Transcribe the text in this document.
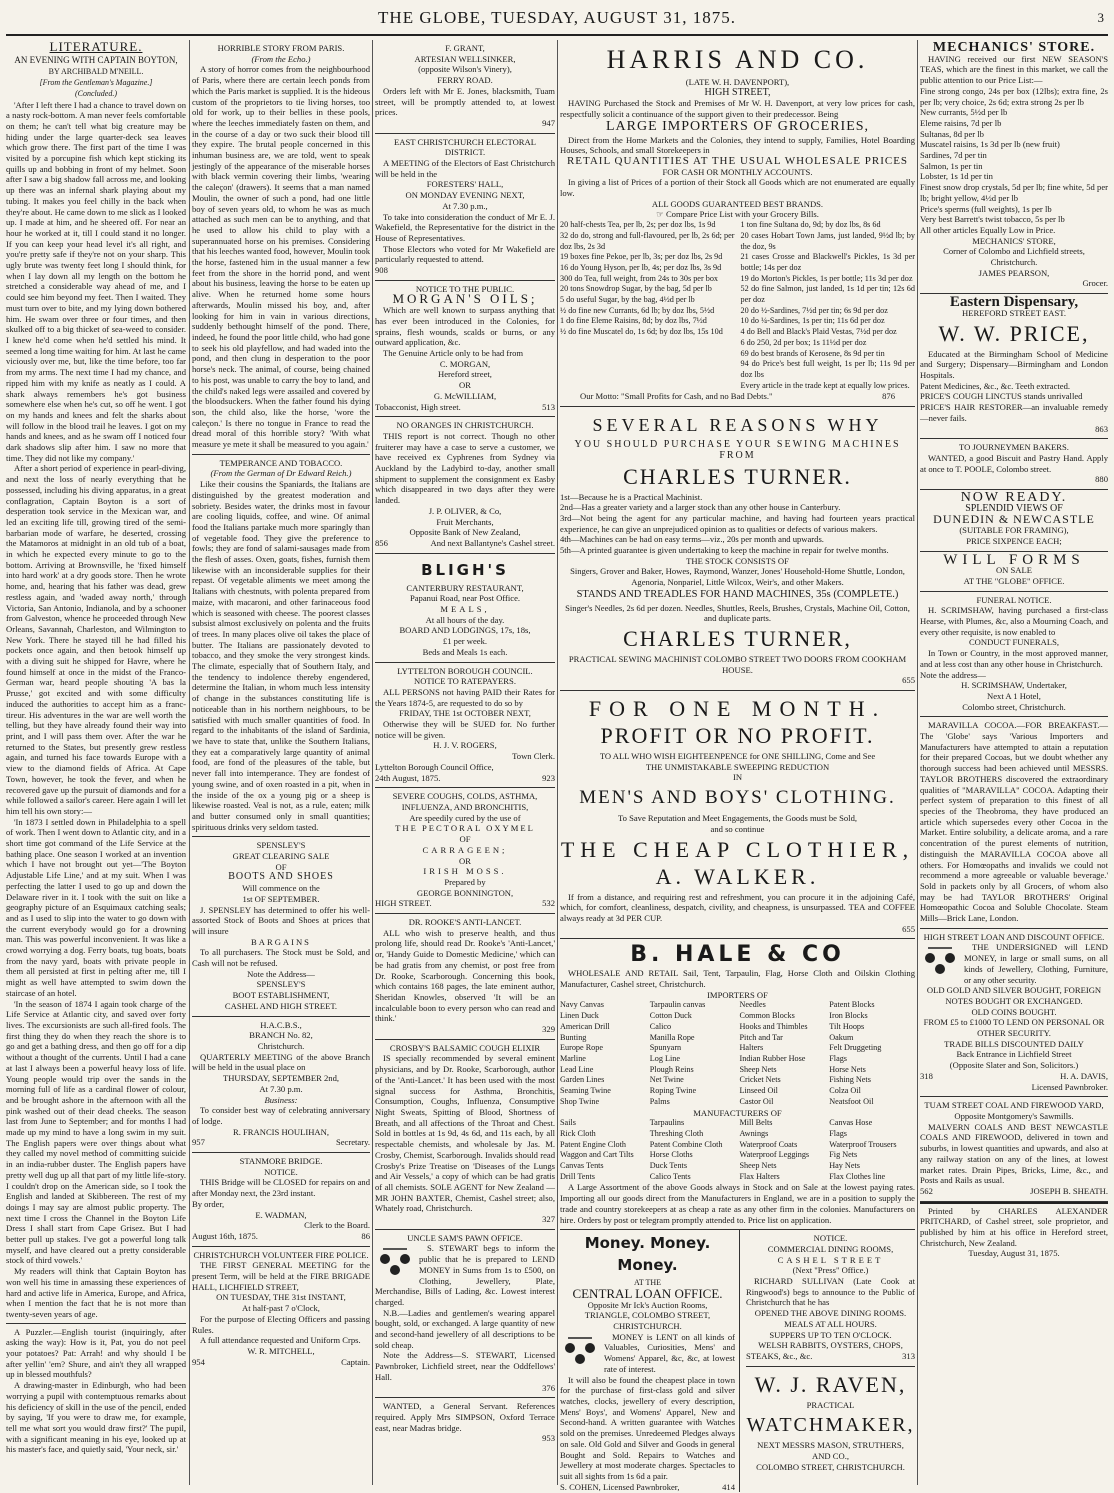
THE GLOBE, TUESDAY, AUGUST 31, 1875.	3
LITERATURE.
AN EVENING WITH CAPTAIN BOYTON,
BY ARCHIBALD M'NEILL.
[From the Gentleman's Magazine.]
(Concluded.)

'After I left there I had a chance to travel down on a nasty rock-bottom. A man never feels comfortable on them; he can't tell what big creature may be hiding under the large quarter-deck sea leaves which grow there. The first part of the time I was visited by a porcupine fish which kept sticking its quills up and bobbing in front of my helmet. Soon after I saw a big shadow fall across me, and looking up there was an infernal shark playing about my tubing. It makes you feel chilly in the back when they're about. He came down to me slick as I looked up. I made at him, and he sheered off. For near an hour he worked at it, till I could stand it no longer. If you can keep your head level it's all right, and you're pretty safe if they're not on your sharp. This ugly brute was twenty feet long I should think, for when I lay down all my length on the bottom he stretched a considerable way ahead of me, and I could see him beyond my feet. Then I waited. They must turn over to bite, and my lying down bothered him. He swam over three or four times, and then skulked off to a big thicket of sea-weed to consider. I knew he'd come when he'd settled his mind. It seemed a long time waiting for him. At last he came viciously over me, but, like the time before, too far from my arms. The next time I had my chance, and ripped him with my knife as neatly as I could. A shark always remembers he's got business somewhere else when he's cut, so off he went. I got on my hands and knees and felt the sharks about will follow in the blood trail he leaves. I got on my hands and knees, and as he swam off I noticed four dark shadows slip after him. I saw no more that time. They did not like my company.'

After a short period of experience in pearl-diving, and next the loss of nearly everything that he possessed, including his diving apparatus, in a great conflagration, Captain Boyton is a sort of desperation took service in the Mexican war, and led an exciting life till, growing tired of the semi-barbarian mode of warfare, he deserted, crossing the Matamoros at midnight in an old tub of a boat, in which he expected every minute to go to the bottom. Arriving at Brownsville, he 'fixed himself into hard work' at a dry goods store. Then he wrote home, and, hearing that his father was dead, grew restless again, and 'waded away north,' through Victoria, San Antonio, Indianola, and by a schooner from Galveston, whence he proceeded through New Orleans, Savannah, Charleston, and Wilmington to New York. There he stayed till he had filled his pockets once again, and then betook himself up with a diving suit he shipped for Havre, where he found himself at once in the midst of the Franco-German war, heard people shouting 'A bas la Prusse,' got excited and with some difficulty induced the authorities to accept him as a franc-tireur. His adventures in the war are well worth the telling, but they have already found their way into print, and I will pass them over. After the war he returned to the States, but presently grew restless again, and turned his face towards Europe with a view to the diamond fields of Africa. At Cape Town, however, he took the fever, and when he recovered gave up the pursuit of diamonds and for a while followed a sailor's career. Here again I will let him tell his own story:—

'In 1873 I settled down in Philadelphia to a spell of work. Then I went down to Atlantic city, and in a short time got command of the Life Service at the bathing place. One season I worked at an invention which I have not brought out yet—'The Boyton Adjustable Life Line,' and at my suit. When I was perfecting the latter I used to go up and down the Delaware river in it. I took with the suit on like a geography picture of an Esquimaux catching seals; and as I used to slip into the water to go down with the current everybody would go for a drowning man. This was powerful inconvenient. It was like a crowd worrying a dog. Ferry boats, tug boats, boats from the navy yard, boats with private people in them all persisted at first in pelting after me, till I might as well have attempted to swim down the staircase of an hotel.

'In the season of 1874 I again took charge of the Life Service at Atlantic city, and saved over forty lives. The excursionists are such all-fired fools. The first thing they do when they reach the shore is to go and get a bathing dress, and then go off for a dip without a thought of the currents. Until I had a cane at last I always been a powerful heavy loss of life. Young people would trip over the sands in the morning full of life as a cardinal flower of colour, and be brought ashore in the afternoon with all the pink washed out of their dead cheeks. The season last from June to September; and for months I had made up my mind to have a long swim in my suit. The English papers were over things about what they called my novel method of committing suicide in an india-rubber duster. The English papers have pretty well dug up all that part of my little life-story. I couldn't drop on the American side, so I took the English and landed at Skibbereen. The rest of my doings I may say are almost public property. The next time I cross the Channel in the Boyton Life Dress I shall start from Cape Grisez. But I had better pull up stakes. I've got a powerful long talk myself, and have cleared out a pretty considerable stock of third vowels.'

My readers will think that Captain Boyton has won well his time in amassing these experiences of hard and active life in America, Europe, and Africa, when I mention the fact that he is not more than twenty-seven years of age.

A Puzzler.—English tourist (inquiringly, after asking the way): How is it, Pat, you do not peel your potatoes? Pat: Arrah! and why should I be after yellin' 'em? Shure, and ain't they all wrapped up in blessed mouthfuls?

A drawing-master in Edinburgh, who had been worrying a pupil with contemptuous remarks about his deficiency of skill in the use of the pencil, ended by saying, 'If you were to draw me, for example, tell me what sort you would draw first?' The pupil, with a significant meaning in his eye, looked up at his master's face, and quietly said, 'Your neck, sir.'

HORRIBLE STORY FROM PARIS.
(From the Echo.)

A story of horror comes from the neighbourhood of Paris, where there are certain leech ponds from which the Paris market is supplied. It is the hideous custom of the proprietors to tie living horses, too old for work, up to their bellies in these pools, where the leeches immediately fasten on them, and in the course of a day or two suck their blood till they expire. The brutal people concerned in this inhuman business are, we are told, went to speak jestingly of the appearance of the miserable horses with black vermin covering their limbs, 'wearing the caleçon' (drawers). It seems that a man named Moulin, the owner of such a pond, had one little boy of seven years old, to whom he was as much attached as such men can be to anything, and that he used to allow his child to play with a superannuated horse on his premises. Considering that his leeches wanted food, however, Moulin took the horse, fastened him in the usual manner a few feet from the shore in the horrid pond, and went about his business, leaving the horse to be eaten up alive. When he returned home some hours afterwards, Moulin missed his boy, and, after looking for him in vain in various directions, suddenly bethought himself of the pond. There, indeed, he found the poor little child, who had gone to seek his old playfellow, and had waded into the pond, and then clung in desperation to the poor horse's neck. The animal, of course, being chained to his post, was unable to carry the boy to land, and the child's naked legs were assailed and covered by the bloodsuckers. When the father found his dying son, the child also, like the horse, 'wore the caleçon.' Is there no tongue in France to read the dread moral of this horrible story? 'With what measure ye mete it shall be measured to you again.'

TEMPERANCE AND TOBACCO.
(From the German of Dr Edward Reich.)

Like their cousins the Spaniards, the Italians are distinguished by the greatest moderation and sobriety. Besides water, the drinks most in favour are cooling liquids, coffee, and wine. Of animal food the Italians partake much more sparingly than of vegetable food. They give the preference to fowls; they are fond of salami-sausages made from the flesh of asses. Oxen, goats, fishes, furnish them likewise with an inconsiderable supplies for their repast. Of vegetable aliments we meet among the Italians with chestnuts, with polenta prepared from maize, with macaroni, and other farinaceous food which is seasoned with cheese. The poorest classes subsist almost exclusively on polenta and the fruits of trees. In many places olive oil takes the place of butter. The Italians are passionately devoted to tobacco, and they smoke the very strongest kinds. The climate, especially that of Southern Italy, and the tendency to indolence thereby engendered, determine the Italian, in whom much less intensity of change in the substances constituting life is noticeable than in his northern neighbours, to be satisfied with much smaller quantities of food. In regard to the inhabitants of the island of Sardinia, we have to state that, unlike the Southern Italians, they eat a comparatively large quantity of animal food, are fond of the pleasures of the table, but never fall into intemperance. They are fondest of young swine, and of oxen roasted in a pit, when in the inside of the ox a young pig or a sheep is likewise roasted. Veal is not, as a rule, eaten; milk and butter consumed only in small quantities; spirituous drinks very seldom tasted.

SPENSLEY'S
GREAT CLEARING SALE
OF
BOOTS AND SHOES
Will commence on the
1st OF SEPTEMBER.

J. SPENSLEY has determined to offer his well-assorted Stock of Boots and Shoes at prices that will insure

BARGAINS

To all purchasers. The Stock must be Sold, and Cash will not be refused.

Note the Address—
SPENSLEY'S
BOOT ESTABLISHMENT,
CASHEL AND HIGH STREET.
H.A.C.B.S.,
BRANCH No. 82,
Christchurch.

QUARTERLY MEETING of the above Branch will be held in the usual place on

THURSDAY, SEPTEMBER 2nd,
At 7.30 p.m.
Business:

To consider best way of celebrating anniversary of lodge.

R. FRANCIS HOULIHAN,
957	Secretary.
STANMORE BRIDGE.
NOTICE.

THIS Bridge will be CLOSED for repairs on and after Monday next, the 23rd instant.

By order,
E. WADMAN,
Clerk to the Board.
August 16th, 1875.	86
CHRISTCHURCH VOLUNTEER FIRE POLICE.

THE FIRST GENERAL MEETING for the present Term, will be held at the FIRE BRIGADE HALL, LICHFIELD STREET,

ON TUESDAY, THE 31st INSTANT,
At half-past 7 o'Clock,

For the purpose of Electing Officers and passing Rules.

A full attendance requested and Uniform Crps.

W. R. MITCHELL,
954	Captain.
F. GRANT,
ARTESIAN WELLSINKER,
(opposite Wilson's Vinery),
FERRY ROAD.

Orders left with Mr E. Jones, blacksmith, Tuam street, will be promptly attended to, at lowest prices.

947
EAST CHRISTCHURCH ELECTORAL DISTRICT.

A MEETING of the Electors of East Christchurch will be held in the

FORESTERS' HALL,
ON MONDAY EVENING NEXT,
At 7.30 p.m.,

To take into consideration the conduct of Mr E. J. Wakefield, the Representative for the district in the House of Representatives.

Those Electors who voted for Mr Wakefield are particularly requested to attend.

908
NOTICE TO THE PUBLIC.
MORGAN'S OILS;

Which are well known to surpass anything that has ever been introduced in the Colonies, for sprains, flesh wounds, scalds or burns, or any outward application, &c.

The Genuine Article only to be had from

C. MORGAN,
Hereford street,
OR
G. McWILLIAM,
Tobacconist, High street.	513
NO ORANGES IN CHRISTCHURCH.

THIS report is not correct. Though no other fruiterer may have a case to serve a customer, we have received ex Cyphrenes from Sydney via Auckland by the Ladybird to-day, another small shipment to supplement the consignment ex Easby which disappeared in two days after they were landed.

J. P. OLIVER, & Co,
Fruit Merchants,
Opposite Bank of New Zealand,
856	And next Ballantyne's Cashel street.
BLIGH'S
CANTERBURY RESTAURANT,
Papanui Road, near Post Office.
MEALS,
At all hours of the day.
BOARD AND LODGINGS, 17s, 18s,
£1 per week.
Beds and Meals 1s each.
LYTTELTON BOROUGH COUNCIL.
NOTICE TO RATEPAYERS.

ALL PERSONS not having PAID their Rates for the Years 1874-5, are requested to do so by

FRIDAY, THE 1st OCTOBER NEXT,

Otherwise they will be SUED for. No further notice will be given.

H. J. V. ROGERS,
Town Clerk.
Lyttelton Borough Council Office,
24th August, 1875.	923
SEVERE COUGHS, COLDS, ASTHMA, INFLUENZA, AND BRONCHITIS,
Are speedily cured by the use of
THE PECTORAL OXYMEL
OF
CARRAGEEN;
OR
IRISH MOSS.
Prepared by
GEORGE BONNINGTON,
HIGH STREET.	532
DR. ROOKE'S ANTI-LANCET.

ALL who wish to preserve health, and thus prolong life, should read Dr. Rooke's 'Anti-Lancet,' or, 'Handy Guide to Domestic Medicine,' which can be had gratis from any chemist, or post free from Dr. Rooke, Scarborough. Concerning this book, which contains 168 pages, the late eminent author, Sheridan Knowles, observed 'It will be an incalculable boon to every person who can read and think.'

329
CROSBY'S BALSAMIC COUGH ELIXIR

IS specially recommended by several eminent physicians, and by Dr. Rooke, Scarborough, author of the 'Anti-Lancet.' It has been used with the most signal success for Asthma, Bronchitis, Consumption, Coughs, Influenza, Consumptive Night Sweats, Spitting of Blood, Shortness of Breath, and all affections of the Throat and Chest. Sold in bottles at 1s 9d, 4s 6d, and 11s each, by all respectable chemists, and wholesale by Jas. M. Crosby, Chemist, Scarborough. Invalids should read Crosby's Prize Treatise on 'Diseases of the Lungs and Air Vessels,' a copy of which can be had gratis of all chemists. SOLE AGENT for New Zealand — MR JOHN BAXTER, Chemist, Cashel street; also, Whately road, Christchurch.

327
UNCLE SAM'S PAWN OFFICE.

S. STEWART begs to inform the public that he is prepared to LEND MONEY in Sums from 1s to £500, on Clothing, Jewellery, Plate, Merchandise, Bills of Lading, &c. Lowest interest charged.

N.B.—Ladies and gentlemen's wearing apparel bought, sold, or exchanged. A large quantity of new and second-hand jewellery of all descriptions to be sold cheap.

Note the Address—S. STEWART, Licensed Pawnbroker, Lichfield street, near the Oddfellows' Hall.

376

WANTED, a General Servant. References required. Apply Mrs SIMPSON, Oxford Terrace east, near Madras bridge.

953
HARRIS AND CO.
(LATE W. H. DAVENPORT),
HIGH STREET,

HAVING Purchased the Stock and Premises of Mr W. H. Davenport, at very low prices for cash, respectfully solicit a continuance of the support given to their predecessor. Being

LARGE IMPORTERS OF GROCERIES,

Direct from the Home Markets and the Colonies, they intend to supply, Families, Hotel Boarding Houses, Schools, and small Storekeepers in

RETAIL QUANTITIES AT THE USUAL WHOLESALE PRICES
FOR CASH OR MONTHLY ACCOUNTS.

In giving a list of Prices of a portion of their Stock all Goods which are not enumerated are equally low.

ALL GOODS GUARANTEED BEST BRANDS.
☞ Compare Price List with your Grocery Bills.
20 half-chests Tea, per lb, 2s; per doz lbs, 1s 9d
32 do do, strong and full-flavoured, per lb, 2s 6d; per doz lbs, 2s 3d
19 boxes fine Pekoe, per lb, 3s; per doz lbs, 2s 9d
16 do Young Hyson, per lb, 4s; per doz lbs, 3s 9d
300 do Tea, full weight, from 24s to 30s per box
20 tons Snowdrop Sugar, by the bag, 5d per lb
5 do useful Sugar, by the bag, 4½d per lb
½ do fine new Currants, 6d lb; by doz lbs, 5½d
1 do fine Eleme Raisins, 8d; by doz lbs, 7½d
½ do fine Muscatel do, 1s 6d; by doz lbs, 15s 10d
1 ton fine Sultana do, 9d; by doz lbs, 8s 6d
20 cases Hobart Town Jams, just landed, 9½d lb; by the doz, 9s
21 cases Crosse and Blackwell's Pickles, 1s 3d per bottle; 14s per doz
19 do Morton's Pickles, 1s per bottle; 11s 3d per doz
52 do fine Salmon, just landed, 1s 1d per tin; 12s 6d per doz
20 do ½-Sardines, 7½d per tin; 6s 9d per doz
10 do ¼-Sardines, 1s per tin; 11s 6d per doz
4 do Bell and Black's Plaid Vestas, 7½d per doz
6 do 250, 2d per box; 1s 11½d per doz
69 do best brands of Kerosene, 8s 9d per tin
94 do Price's best full weight, 1s per lb; 11s 9d per doz lbs
Every article in the trade kept at equally low prices.
Our Motto: "Small Profits for Cash, and no Bad Debts."	876
SEVERAL REASONS WHY
YOU SHOULD PURCHASE YOUR SEWING MACHINES FROM
CHARLES TURNER.
1st—Because he is a Practical Machinist.
2nd—Has a greater variety and a larger stock than any other house in Canterbury.
3rd—Not being the agent for any particular machine, and having had fourteen years practical experience, he can give an unprejudiced opinion as to qualities or defects of various makers.
4th—Machines can be had on easy terms—viz., 20s per month and upwards.
5th—A printed guarantee is given undertaking to keep the machine in repair for twelve months.
THE STOCK CONSISTS OF
Singers, Grover and Baker, Howes, Raymond, Wanzer, Jones' Household-Home Shuttle, London, Agenoria, Nonpariel, Little Wilcox, Weir's, and other Makers.
STANDS AND TREADLES FOR HAND MACHINES, 35s (COMPLETE.)
Singer's Needles, 2s 6d per dozen. Needles, Shuttles, Reels, Brushes, Crystals, Machine Oil, Cotton, and duplicate parts.
CHARLES TURNER,
PRACTICAL SEWING MACHINIST COLOMBO STREET TWO DOORS FROM COOKHAM HOUSE.
655
FOR ONE MONTH.
PROFIT OR NO PROFIT.
TO ALL WHO WISH EIGHTEENPENCE for ONE SHILLING, Come and See
THE UNMISTAKABLE SWEEPING REDUCTION
IN
MEN'S AND BOYS' CLOTHING.
To Save Reputation and Meet Engagements, the Goods must be Sold,
and so continue
THE CHEAP CLOTHIER,
A. WALKER.

If from a distance, and requiring rest and refreshment, you can procure it in the adjoining Café, which, for comfort, cleanliness, despatch, civility, and cheapness, is unsurpassed. TEA and COFFEE always ready at 3d PER CUP.

655
B. HALE & CO

WHOLESALE AND RETAIL Sail, Tent, Tarpaulin, Flag, Horse Cloth and Oilskin Clothing Manufacturer, Cashel street, Christchurch.

IMPORTERS OF
Navy Canvas	Tarpaulin canvas	Needles	Patent Blocks
Linen Duck	Cotton Duck	Common Blocks	Iron Blocks
American Drill	Calico	Hooks and Thimbles	Tilt Hoops
Bunting	Manilla Rope	Pitch and Tar	Oakum
Europe Rope	Spunyarn	Halters	Felt Druggeting
Marline	Log Line	Indian Rubber Hose	Flags
Lead Line	Plough Reins	Sheep Nets	Horse Nets
Garden Lines	Net Twine	Cricket Nets	Fishing Nets
Seaming Twine	Roping Twine	Linseed Oil	Colza Oil
Shop Twine	Palms	Castor Oil	Neatsfoot Oil
MANUFACTURERS OF
Sails	Tarpaulins	Mill Belts	Canvas Hose
Rick Cloth	Threshing Cloth	Awnings	Flags
Patent Engine Cloth	Patent Combine Cloth	Waterproof Coats	Waterproof Trousers
Waggon and Cart Tilts	Horse Cloths	Waterproof Leggings	Fig Nets
Canvas Tents	Duck Tents	Sheep Nets	Hay Nets
Drill Tents	Calico Tents	Flax Halters	Flax Clothes line

A Large Assortment of the above Goods always in Stock and on Sale at the lowest paying rates. Importing all our goods direct from the Manufacturers in England, we are in a position to supply the trade and country storekeepers at as cheap a rate as any other firm in the colonies. Manufacturers on hire. Orders by post or telegram promptly attended to. Price list on application.

Money. Money. Money.
AT THE
CENTRAL LOAN OFFICE.
Opposite Mr Ick's Auction Rooms,
TRIANGLE, COLOMBO STREET,
CHRISTCHURCH.

MONEY is LENT on all kinds of Valuables, Curiosities, Mens' and Womens' Apparel, &c, &c, at lowest rate of interest.

It will also be found the cheapest place in town for the purchase of first-class gold and silver watches, clocks, jewellery of every description, Mens' Boys', and Womens' Apparel, New and Second-hand. A written guarantee with Watches sold on the premises. Unredeemed Pledges always on sale. Old Gold and Silver and Goods in general Bought and Sold. Repairs to Watches and Jewellery at most moderate charges. Spectacles to suit all sights from 1s 6d a pair.

S. COHEN, Licensed Pawnbroker,	414
NOTICE.
COMMERCIAL DINING ROOMS,
CASHEL STREET
(Next "Press" Office.)

RICHARD SULLIVAN (Late Cook at Ringwood's) begs to announce to the Public of Christchurch that he has

OPENED THE ABOVE DINING ROOMS.
MEALS AT ALL HOURS.
SUPPERS UP TO TEN O'CLOCK.
WELSH RABBITS, OYSTERS, CHOPS,
STEAKS, &c., &c.	313
W. J. RAVEN,
PRACTICAL
WATCHMAKER,
NEXT MESSRS MASON, STRUTHERS,
AND CO.,
COLOMBO STREET, CHRISTCHURCH.
MECHANICS' STORE.

HAVING received our first NEW SEASON'S TEAS, which are the finest in this market, we call the public attention to our Price List:—

Fine strong congo, 24s per box (12lbs); extra fine, 2s per lb; very choice, 2s 6d; extra strong 2s per lb
New currants, 5½d per lb
Eleme raisins, 7d per lb
Sultanas, 8d per lb
Muscatel raisins, 1s 3d per lb (new fruit)
Sardines, 7d per tin
Salmon, 1s per tin
Lobster, 1s 1d per tin
Finest snow drop crystals, 5d per lb; fine white, 5d per lb; bright yellow, 4½d per lb
Price's sperms (full weights), 1s per lb
Very best Barrett's twist tobacco, 5s per lb
All other articles Equally Low in Price.
MECHANICS' STORE,
Corner of Colombo and Lichfield streets,
Christchurch.
JAMES PEARSON,
Grocer.
Eastern Dispensary,
HEREFORD STREET EAST.
W. W. PRICE,

Educated at the Birmingham School of Medicine and Surgery; Dispensary—Birmingham and London Hospitals.

Patent Medicines, &c., &c. Teeth extracted.
PRICE'S COUGH LINCTUS stands unrivalled
PRICE'S HAIR RESTORER—an invaluable remedy—never fails.
863
TO JOURNEYMEN BAKERS.

WANTED, a good Biscuit and Pastry Hand. Apply at once to T. POOLE, Colombo street.

880
NOW READY.
SPLENDID VIEWS OF
DUNEDIN & NEWCASTLE
(SUITABLE FOR FRAMING),
PRICE SIXPENCE EACH;
WILL FORMS
ON SALE
AT THE "GLOBE" OFFICE.
FUNERAL NOTICE.

H. SCRIMSHAW, having purchased a first-class Hearse, with Plumes, &c, also a Mourning Coach, and every other requisite, is now enabled to

CONDUCT FUNERALS,

In Town or Country, in the most approved manner, and at less cost than any other house in Christchurch.

Note the address—
H. SCRIMSHAW, Undertaker,
Next A 1 Hotel,
Colombo street, Christchurch.

MARAVILLA COCOA.—FOR BREAKFAST.—The 'Globe' says 'Various Importers and Manufacturers have attempted to attain a reputation for their prepared Cocoas, but we doubt whether any thorough success had been achieved until MESSRS. TAYLOR BROTHERS discovered the extraordinary qualities of "MARAVILLA" COCOA. Adapting their perfect system of preparation to this finest of all species of the Theobroma, they have produced an article which supersedes every other Cocoa in the Market. Entire solubility, a delicate aroma, and a rare concentration of the purest elements of nutrition, distinguish the MARAVILLA COCOA above all others. For Homœopaths and invalids we could not recommend a more agreeable or valuable beverage.' Sold in packets only by all Grocers, of whom also may be had TAYLOR BROTHERS' Original Homœopathic Cocoa and Soluble Chocolate. Steam Mills—Brick Lane, London.

HIGH STREET LOAN AND DISCOUNT OFFICE.

THE UNDERSIGNED will LEND MONEY, in large or small sums, on all kinds of Jewellery, Clothing, Furniture, or any other security.

OLD GOLD AND SILVER BOUGHT, FOREIGN NOTES BOUGHT OR EXCHANGED.
OLD COINS BOUGHT.
FROM £5 to £1000 TO LEND ON PERSONAL OR OTHER SECURITY.
TRADE BILLS DISCOUNTED DAILY
Back Entrance in Lichfield Street
(Opposite Slater and Son, Solicitors.)
318	H. A. DAVIS,
Licensed Pawnbroker.
TUAM STREET COAL AND FIREWOOD YARD,
Opposite Montgomery's Sawmills.

MALVERN COALS AND BEST NEWCASTLE COALS AND FIREWOOD, delivered in town and suburbs, in lowest quantities and upwards, and also at any railway station on any of the lines, at lowest market rates. Drain Pipes, Bricks, Lime, &c., and Posts and Rails as usual.

562	JOSEPH B. SHEATH.

Printed by CHARLES ALEXANDER PRITCHARD, of Cashel street, sole proprietor, and published by him at his office in Hereford street, Christchurch, New Zealand.

Tuesday, August 31, 1875.
